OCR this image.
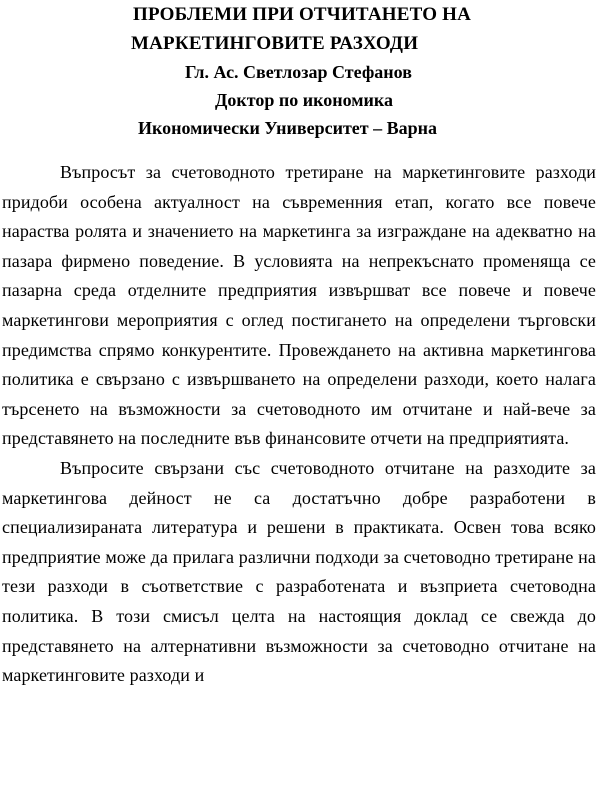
ПРОБЛЕМИ ПРИ ОТЧИТАНЕТО НА
МАРКЕТИНГОВИТЕ РАЗХОДИ

Гл. Ас. Светлозар Стефанов

Доктор по икономика

Икономически Университет – Варна

Въпросът за счетоводното третиране на маркетинговите разходи придоби особена актуалност на съвременния етап, когато все повече нараства ролята и значението на маркетинга за изграждане на адекватно на пазара фирмено поведение. В условията на непрекъснато променяща се пазарна среда отделните предприятия извършват все повече и повече маркетингови мероприятия с оглед постигането на определени търговски предимства спрямо конкурентите. Провеждането на активна маркетингова политика е свързано с извършването на определени разходи, което налага търсенето на възможности за счетоводното им отчитане и най-вече за представянето на последните във финансовите отчети на предприятията.

Въпросите свързани със счетоводното отчитане на разходите за маркетингова дейност не са достатъчно добре разработени в специализираната литература и решени в практиката. Освен това всяко предприятие може да прилага различни подходи за счетоводно третиране на тези разходи в съответствие с разработената и възприета счетоводна политика. В този смисъл целта на настоящия доклад се свежда до представянето на алтернативни възможности за счетоводно отчитане на маркетинговите разходи и
